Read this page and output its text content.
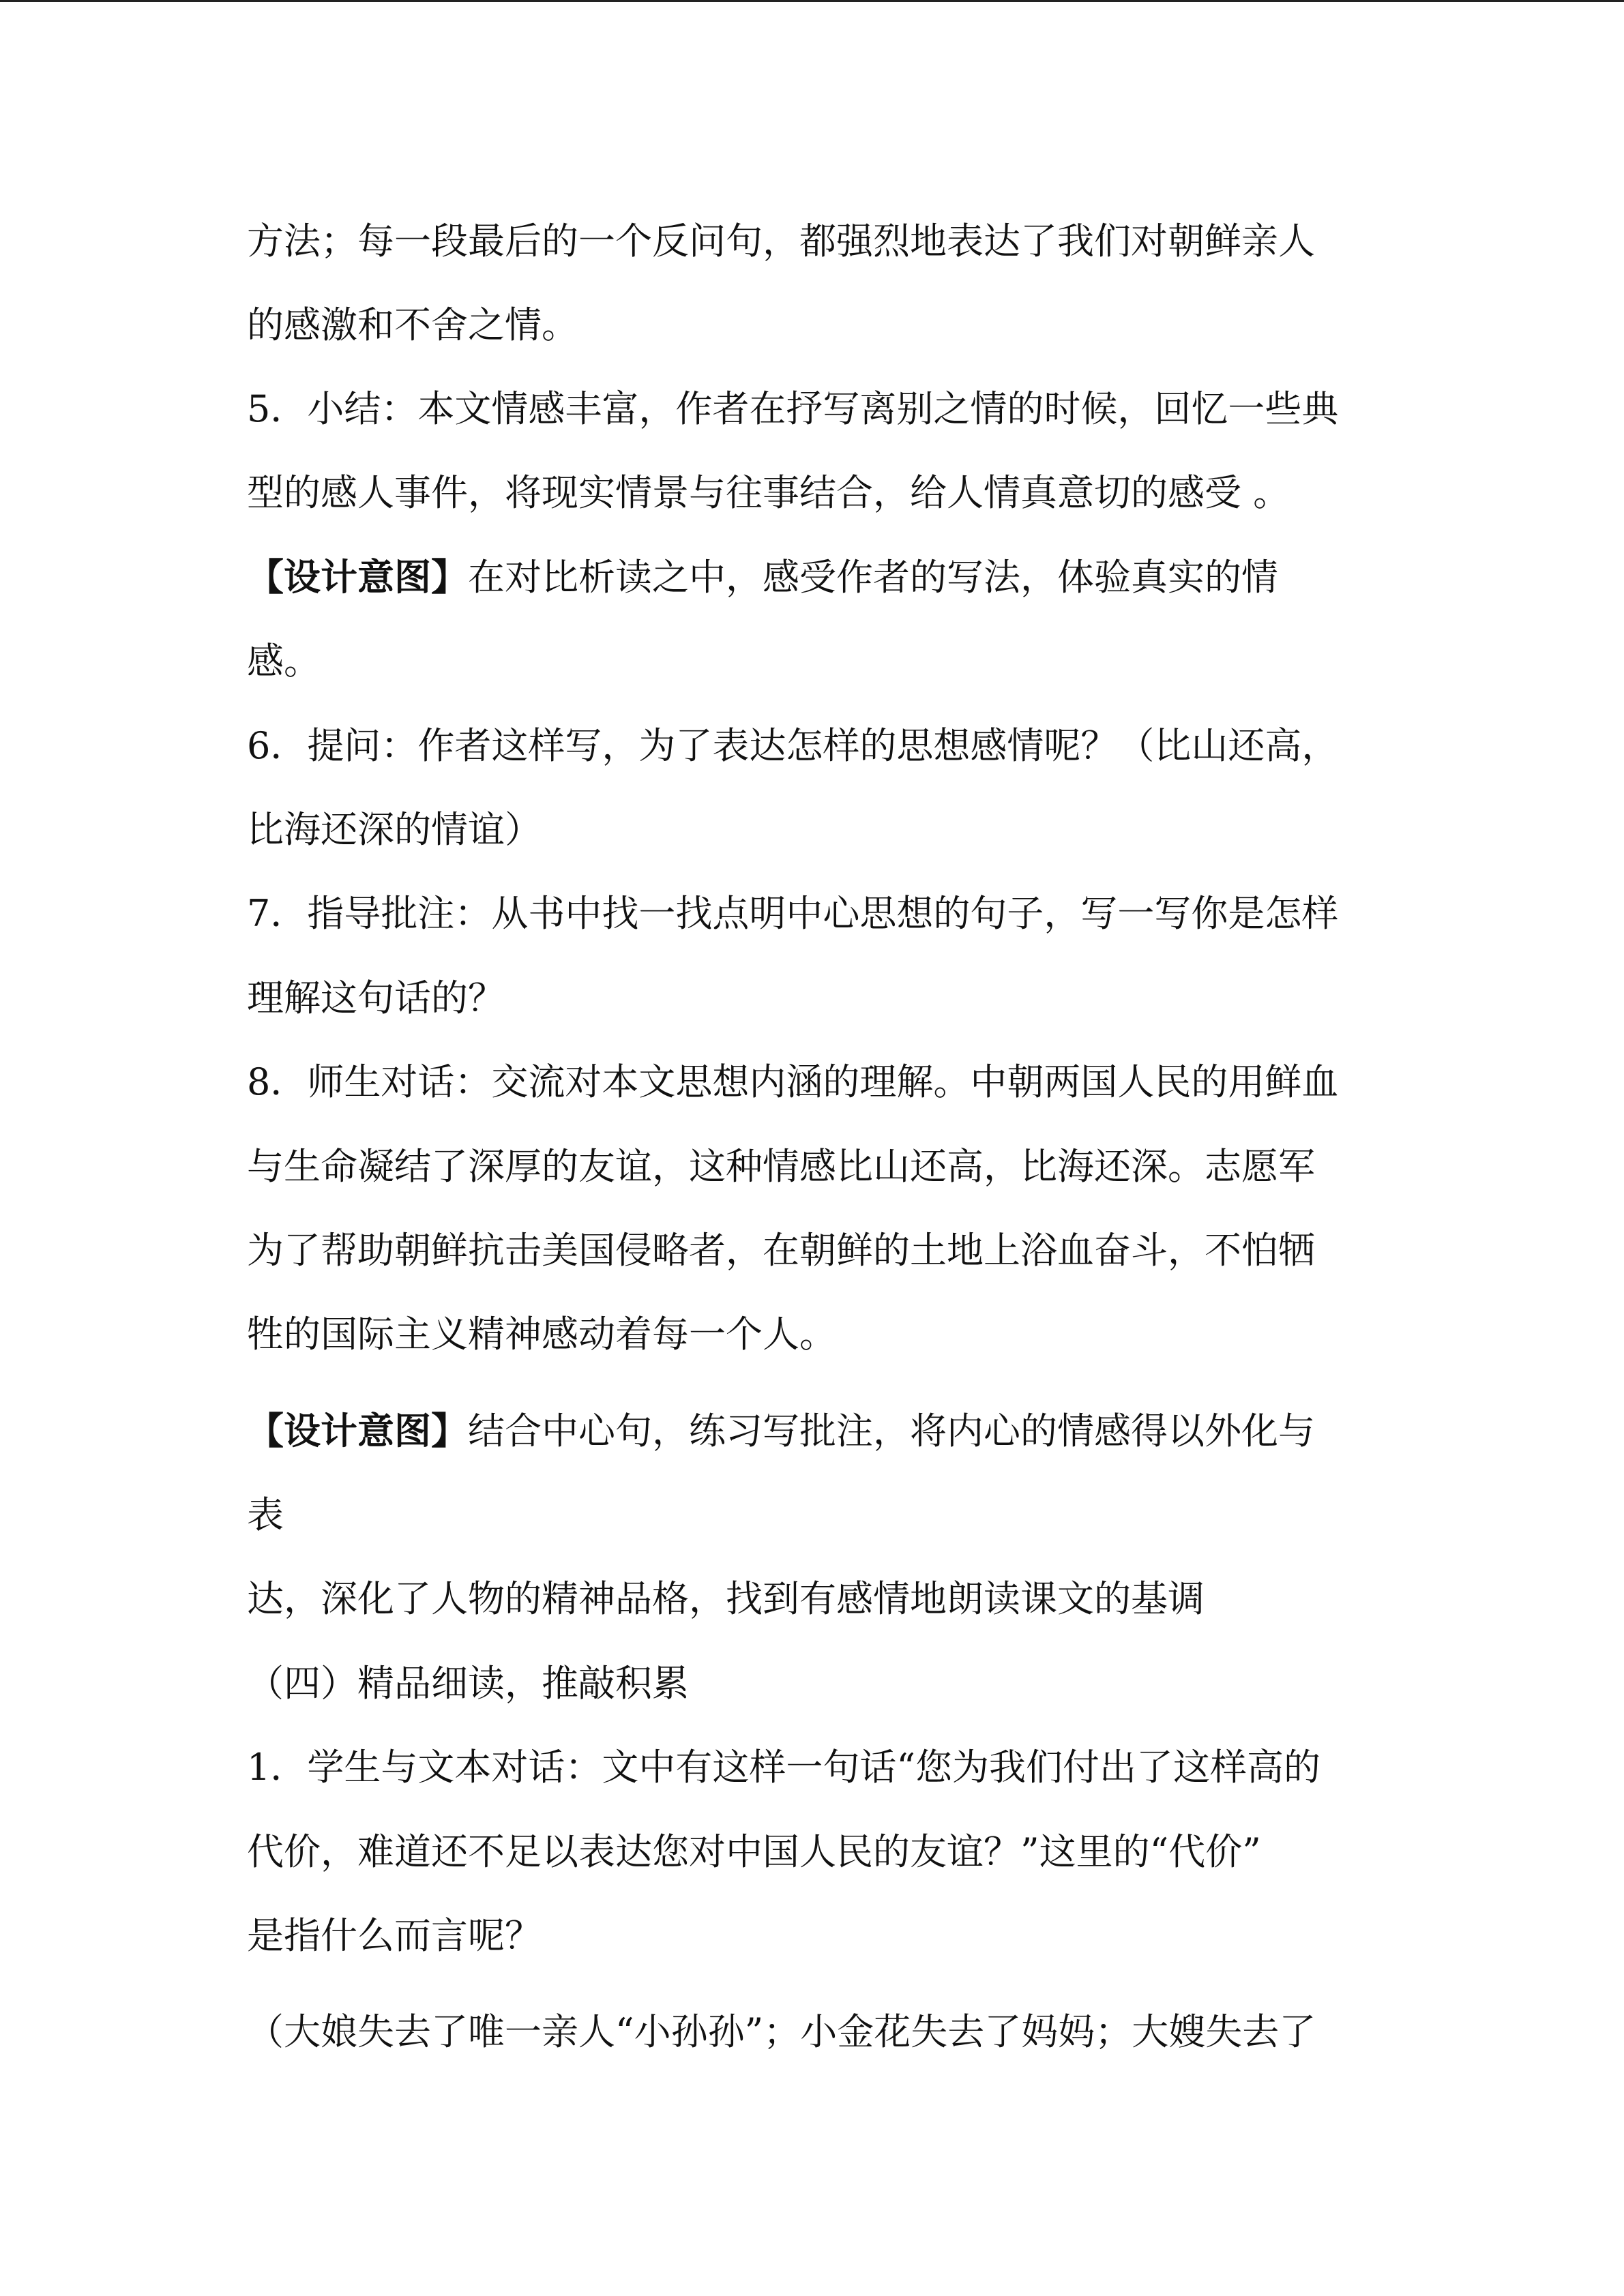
方法；每一段最后的一个反问句，都强烈地表达了我们对朝鲜亲人
的感激和不舍之情。
5．小结：本文情感丰富，作者在抒写离别之情的时候，回忆一些典
型的感人事件，将现实情景与往事结合，给人情真意切的感受 。
【设计意图】在对比析读之中，感受作者的写法，体验真实的情
感。
6．提问：作者这样写，为了表达怎样的思想感情呢？（比山还高，
比海还深的情谊）
7．指导批注：从书中找一找点明中心思想的句子，写一写你是怎样
理解这句话的？
8．师生对话：交流对本文思想内涵的理解。中朝两国人民的用鲜血
与生命凝结了深厚的友谊，这种情感比山还高，比海还深。志愿军
为了帮助朝鲜抗击美国侵略者，在朝鲜的土地上浴血奋斗，不怕牺
牲的国际主义精神感动着每一个人。
【设计意图】结合中心句，练习写批注，将内心的情感得以外化与
表
达，深化了人物的精神品格，找到有感情地朗读课文的基调
（四）精品细读，推敲积累
1．学生与文本对话：文中有这样一句话“您为我们付出了这样高的
代价，难道还不足以表达您对中国人民的友谊？”这里的“代价”
是指什么而言呢？
（大娘失去了唯一亲人“小孙孙”；小金花失去了妈妈；大嫂失去了
